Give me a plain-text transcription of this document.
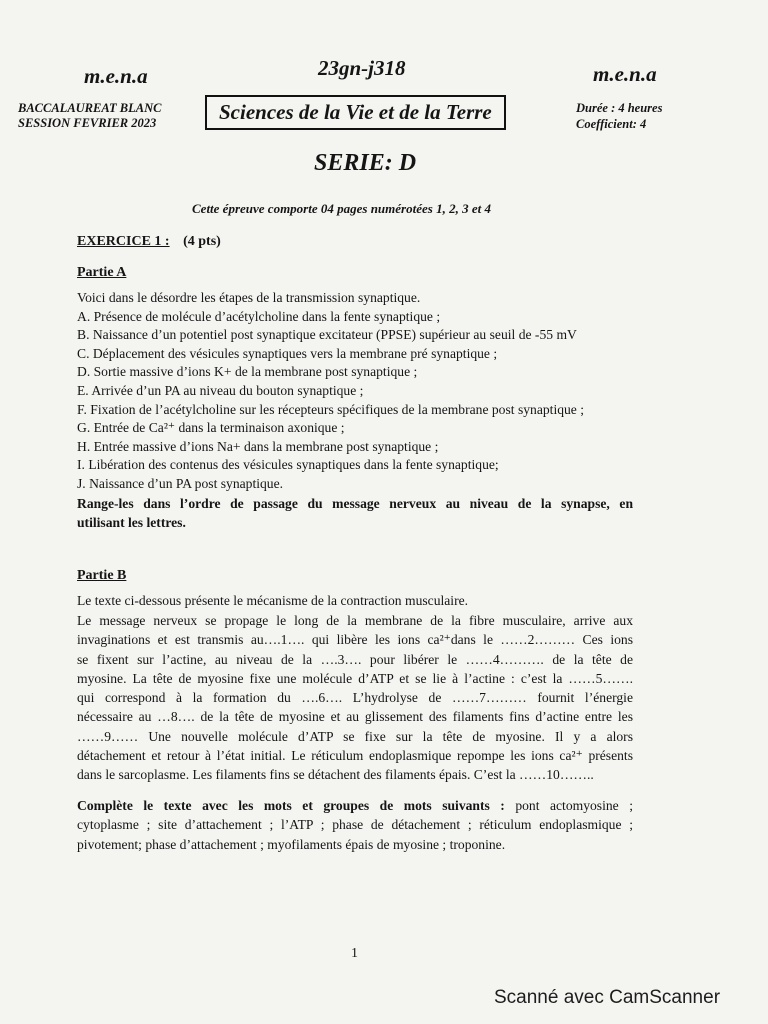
m.e.n.a	23gn-j318	m.e.n.a
BACCALAUREAT BLANC
SESSION FEVRIER 2023	Sciences de la Vie et de la Terre	Durée : 4 heures
Coefficient: 4
SERIE: D
Cette épreuve comporte 04 pages numérotées 1, 2, 3 et 4
EXERCICE 1 : (4 pts)
Partie A
Voici dans le désordre les étapes de la transmission synaptique.
A. Présence de molécule d’acétylcholine dans la fente synaptique ;
B. Naissance d’un potentiel post synaptique excitateur (PPSE) supérieur au seuil de -55 mV
C. Déplacement des vésicules synaptiques vers la membrane pré synaptique ;
D. Sortie massive d’ions K+ de la membrane post synaptique ;
E. Arrivée d’un PA au niveau du bouton synaptique ;
F. Fixation de l’acétylcholine sur les récepteurs spécifiques de la membrane post synaptique ;
G. Entrée de Ca²⁺ dans la terminaison axonique ;
H. Entrée massive d’ions Na+ dans la membrane post synaptique ;
I. Libération des contenus des vésicules synaptiques dans la fente synaptique;
J. Naissance d’un PA post synaptique.
Range-les dans l’ordre de passage du message nerveux au niveau de la synapse, en
utilisant les lettres.
Partie B
Le texte ci-dessous présente le mécanisme de la contraction musculaire.
Le message nerveux se propage le long de la membrane de la fibre musculaire, arrive aux
invaginations et est transmis au….1…. qui libère les ions ca²⁺dans le ……2……… Ces ions
se fixent sur l’actine, au niveau de la ….3…. pour libérer le ……4………. de la tête de
myosine. La tête de myosine fixe une molécule d’ATP et se lie à l’actine : c’est la ……5…….
qui correspond à la formation du ….6…. L’hydrolyse de ……7……… fournit l’énergie
nécessaire au …8…. de la tête de myosine et au glissement des filaments fins d’actine entre les
……9…… Une nouvelle molécule d’ATP se fixe sur la tête de myosine. Il y a alors
détachement et retour à l’état initial. Le réticulum endoplasmique repompe les ions ca²⁺ présents
dans le sarcoplasme. Les filaments fins se détachent des filaments épais. C’est la ……10……..
Complète le texte avec les mots et groupes de mots suivants : pont actomyosine ;
cytoplasme ; site d’attachement ; l’ATP ; phase de détachement ; réticulum endoplasmique ;
pivotement; phase d’attachement ; myofilaments épais de myosine ; troponine.
1
Scanné avec CamScanner
